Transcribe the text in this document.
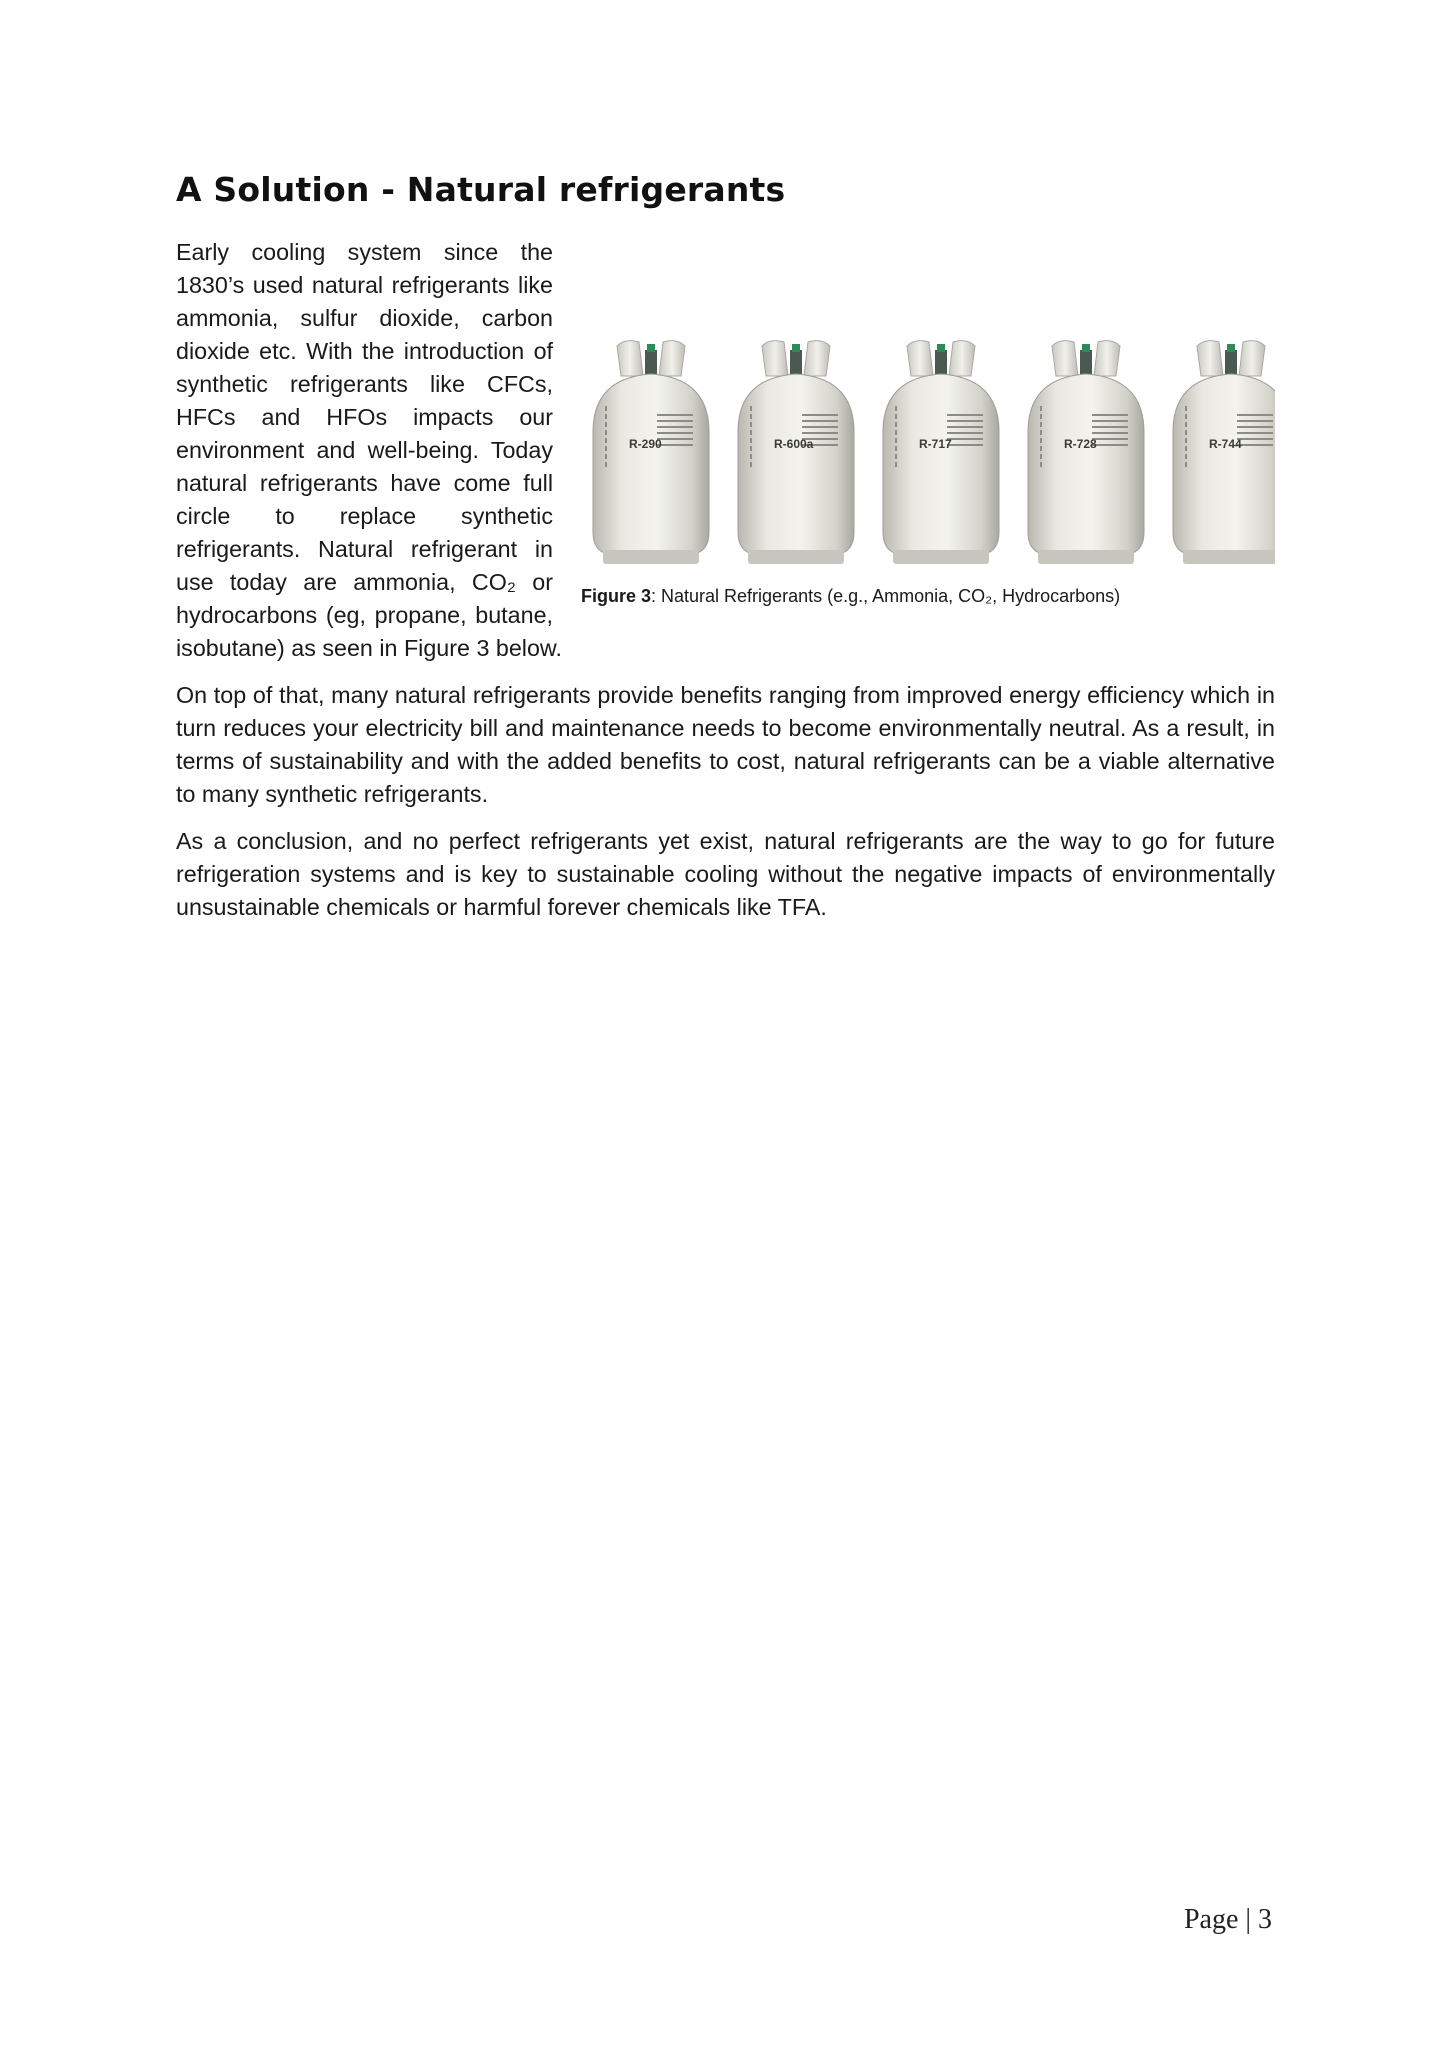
A Solution - Natural refrigerants

R-290	R-600a	R-717	R-728	R-744
Figure 3: Natural Refrigerants (e.g., Ammonia, CO₂, Hydrocarbons)
Early cooling system since the 1830’s used natural refrigerants like ammonia, sulfur dioxide, carbon dioxide etc. With the introduction of synthetic refrigerants like CFCs, HFCs and HFOs impacts our environment and well-being. Today natural refrigerants have come full circle to replace synthetic refrigerants. Natural refrigerant in use today are ammonia, CO₂ or hydrocarbons (eg, propane, butane, isobutane) as seen in Figure 3 below.

On top of that, many natural refrigerants provide benefits ranging from improved energy efficiency which in turn reduces your electricity bill and maintenance needs to become environmentally neutral. As a result, in terms of sustainability and with the added benefits to cost, natural refrigerants can be a viable alternative to many synthetic refrigerants.

As a conclusion, and no perfect refrigerants yet exist, natural refrigerants are the way to go for future refrigeration systems and is key to sustainable cooling without the negative impacts of environmentally unsustainable chemicals or harmful forever chemicals like TFA.

Page | 3
